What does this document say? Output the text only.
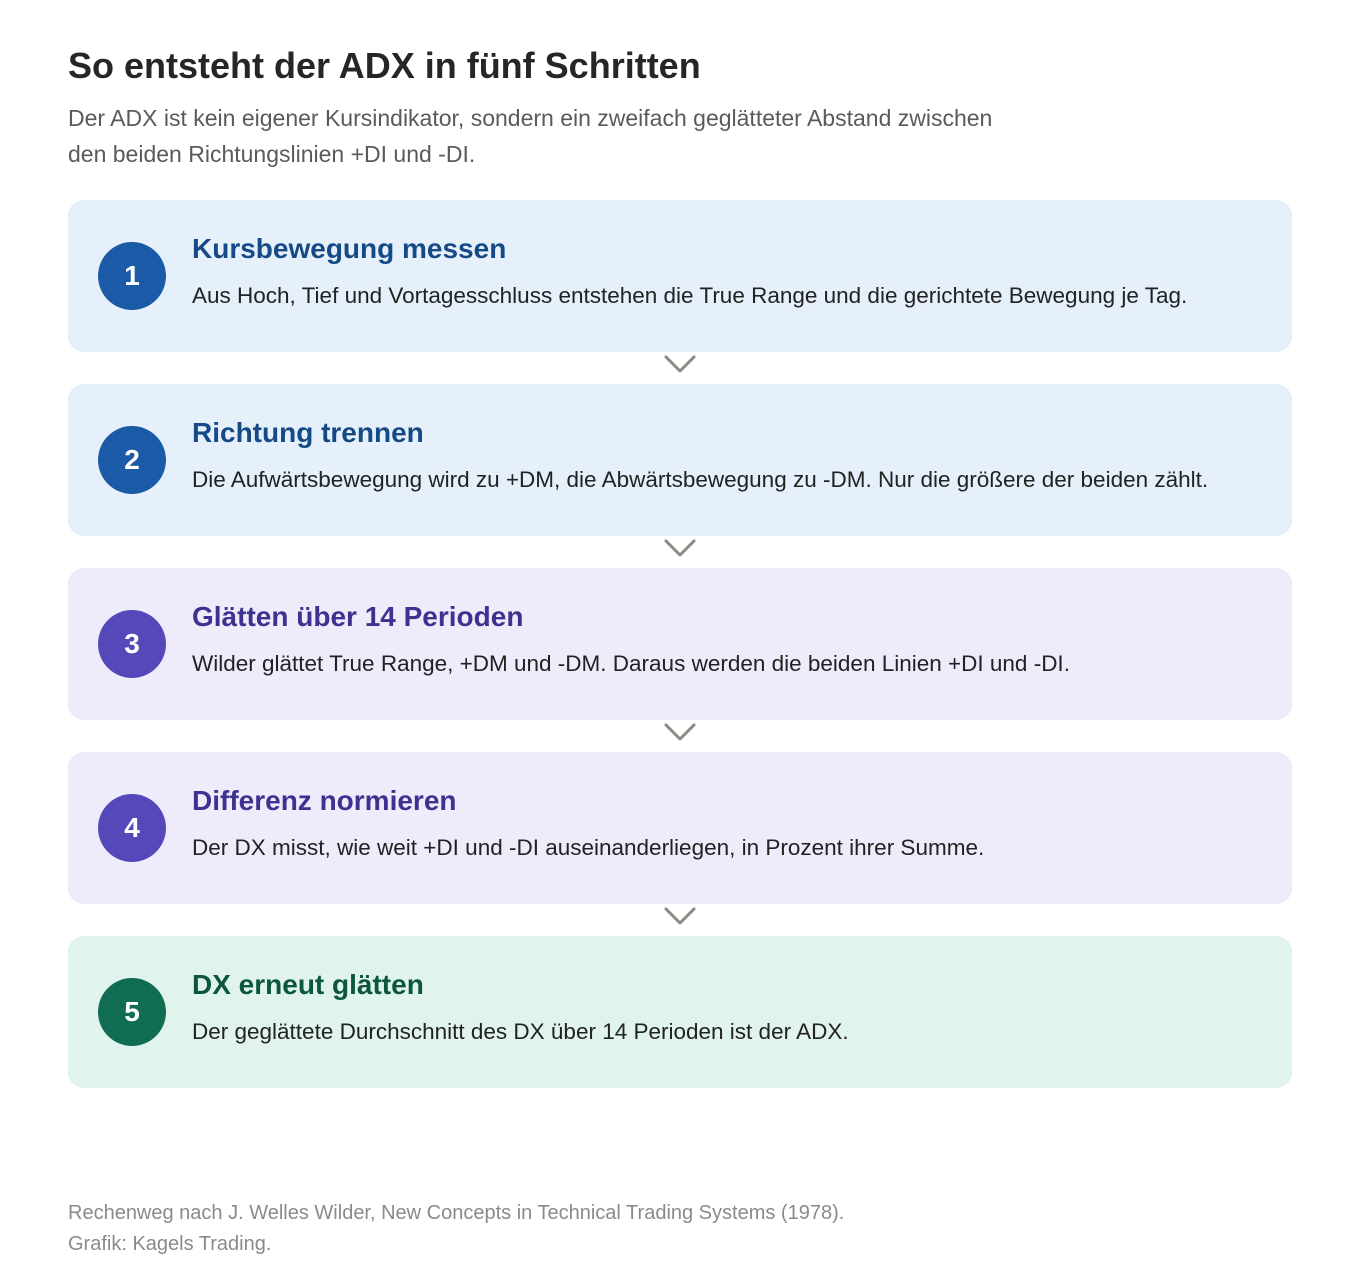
So entsteht der ADX in fünf Schritten

Der ADX ist kein eigener Kursindikator, sondern ein zweifach geglätteter Abstand zwischen den beiden Richtungslinien +DI und -DI.

1
Kursbewegung messen

Aus Hoch, Tief und Vortagesschluss entstehen die True Range und die gerichtete Bewegung je Tag.

2
Richtung trennen

Die Aufwärtsbewegung wird zu +DM, die Abwärtsbewegung zu -DM. Nur die größere der beiden zählt.

3
Glätten über 14 Perioden

Wilder glättet True Range, +DM und -DM. Daraus werden die beiden Linien +DI und -DI.

4
Differenz normieren

Der DX misst, wie weit +DI und -DI auseinanderliegen, in Prozent ihrer Summe.

5
DX erneut glätten

Der geglättete Durchschnitt des DX über 14 Perioden ist der ADX.

Rechenweg nach J. Welles Wilder, New Concepts in Technical Trading Systems (1978).
Grafik: Kagels Trading.
